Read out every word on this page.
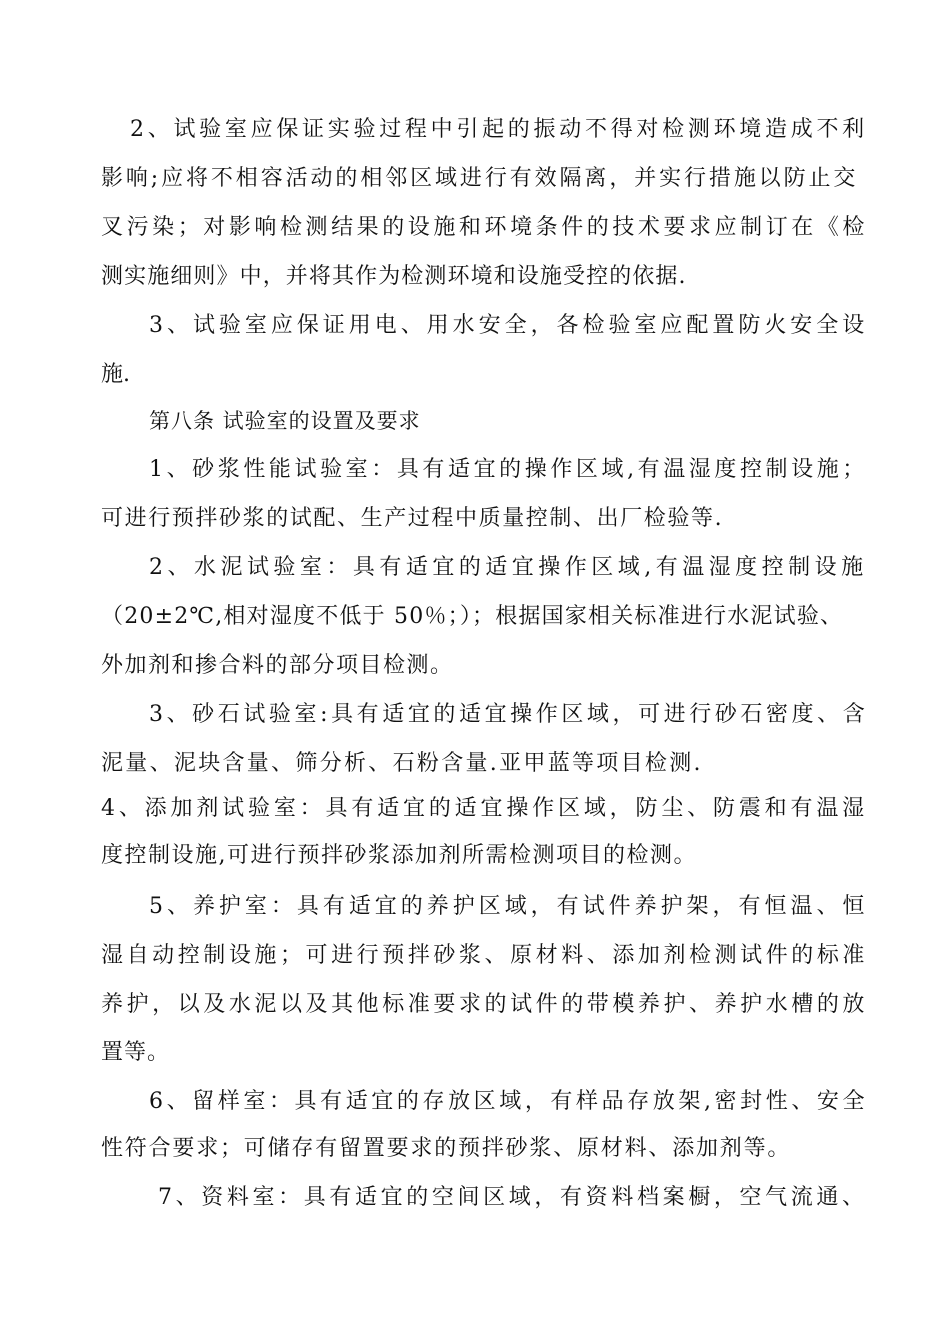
2、试验室应保证实验过程中引起的振动不得对检测环境造成不利
影响;应将不相容活动的相邻区域进行有效隔离，并实行措施以防止交
叉污染；对影响检测结果的设施和环境条件的技术要求应制订在《检
测实施细则》中，并将其作为检测环境和设施受控的依据.
3、试验室应保证用电、用水安全，各检验室应配置防火安全设
施.
第八条 试验室的设置及要求
1、砂浆性能试验室：具有适宜的操作区域,有温湿度控制设施；
可进行预拌砂浆的试配、生产过程中质量控制、出厂检验等.
2、水泥试验室：具有适宜的适宜操作区域,有温湿度控制设施
（20±2℃,相对湿度不低于 50％；）；根据国家相关标准进行水泥试验、
外加剂和掺合料的部分项目检测。
3、砂石试验室:具有适宜的适宜操作区域，可进行砂石密度、含
泥量、泥块含量、筛分析、石粉含量.亚甲蓝等项目检测.
4、添加剂试验室：具有适宜的适宜操作区域，防尘、防震和有温湿
度控制设施,可进行预拌砂浆添加剂所需检测项目的检测。
5、养护室：具有适宜的养护区域，有试件养护架，有恒温、恒
湿自动控制设施；可进行预拌砂浆、原材料、添加剂检测试件的标准
养护，以及水泥以及其他标准要求的试件的带模养护、养护水槽的放
置等。
6、留样室：具有适宜的存放区域，有样品存放架,密封性、安全
性符合要求；可储存有留置要求的预拌砂浆、原材料、添加剂等。
7、资料室：具有适宜的空间区域，有资料档案橱，空气流通、
